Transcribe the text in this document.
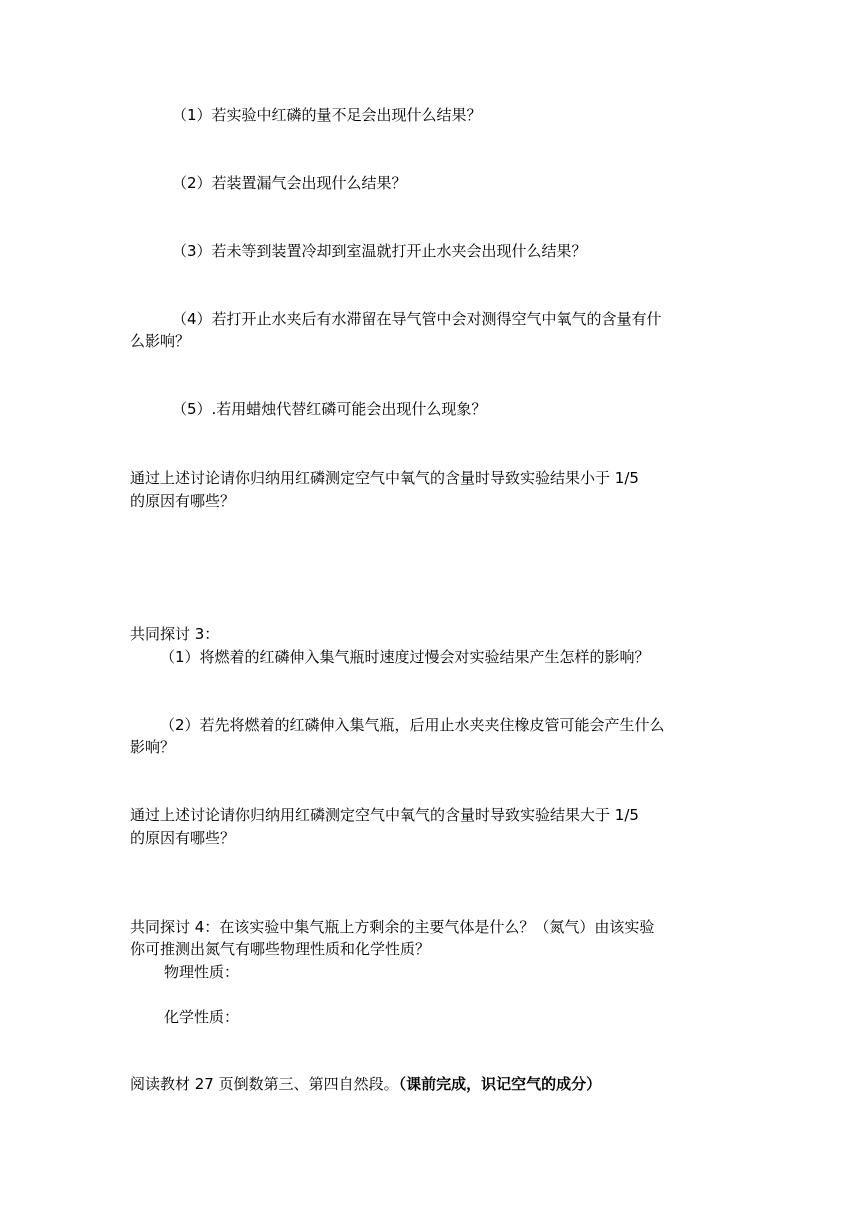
（1）若实验中红磷的量不足会出现什么结果？
（2）若装置漏气会出现什么结果？
（3）若未等到装置冷却到室温就打开止水夹会出现什么结果？
（4）若打开止水夹后有水滞留在导气管中会对测得空气中氧气的含量有什
么影响？
（5）.若用蜡烛代替红磷可能会出现什么现象？
通过上述讨论请你归纳用红磷测定空气中氧气的含量时导致实验结果小于 1/5
的原因有哪些？
共同探讨 3：
（1）将燃着的红磷伸入集气瓶时速度过慢会对实验结果产生怎样的影响？
（2）若先将燃着的红磷伸入集气瓶，后用止水夹夹住橡皮管可能会产生什么
影响？
通过上述讨论请你归纳用红磷测定空气中氧气的含量时导致实验结果大于 1/5
的原因有哪些？
共同探讨 4：在该实验中集气瓶上方剩余的主要气体是什么？（氮气）由该实验
你可推测出氮气有哪些物理性质和化学性质？
物理性质：
化学性质：
阅读教材 27 页倒数第三、第四自然段。（课前完成，识记空气的成分）
